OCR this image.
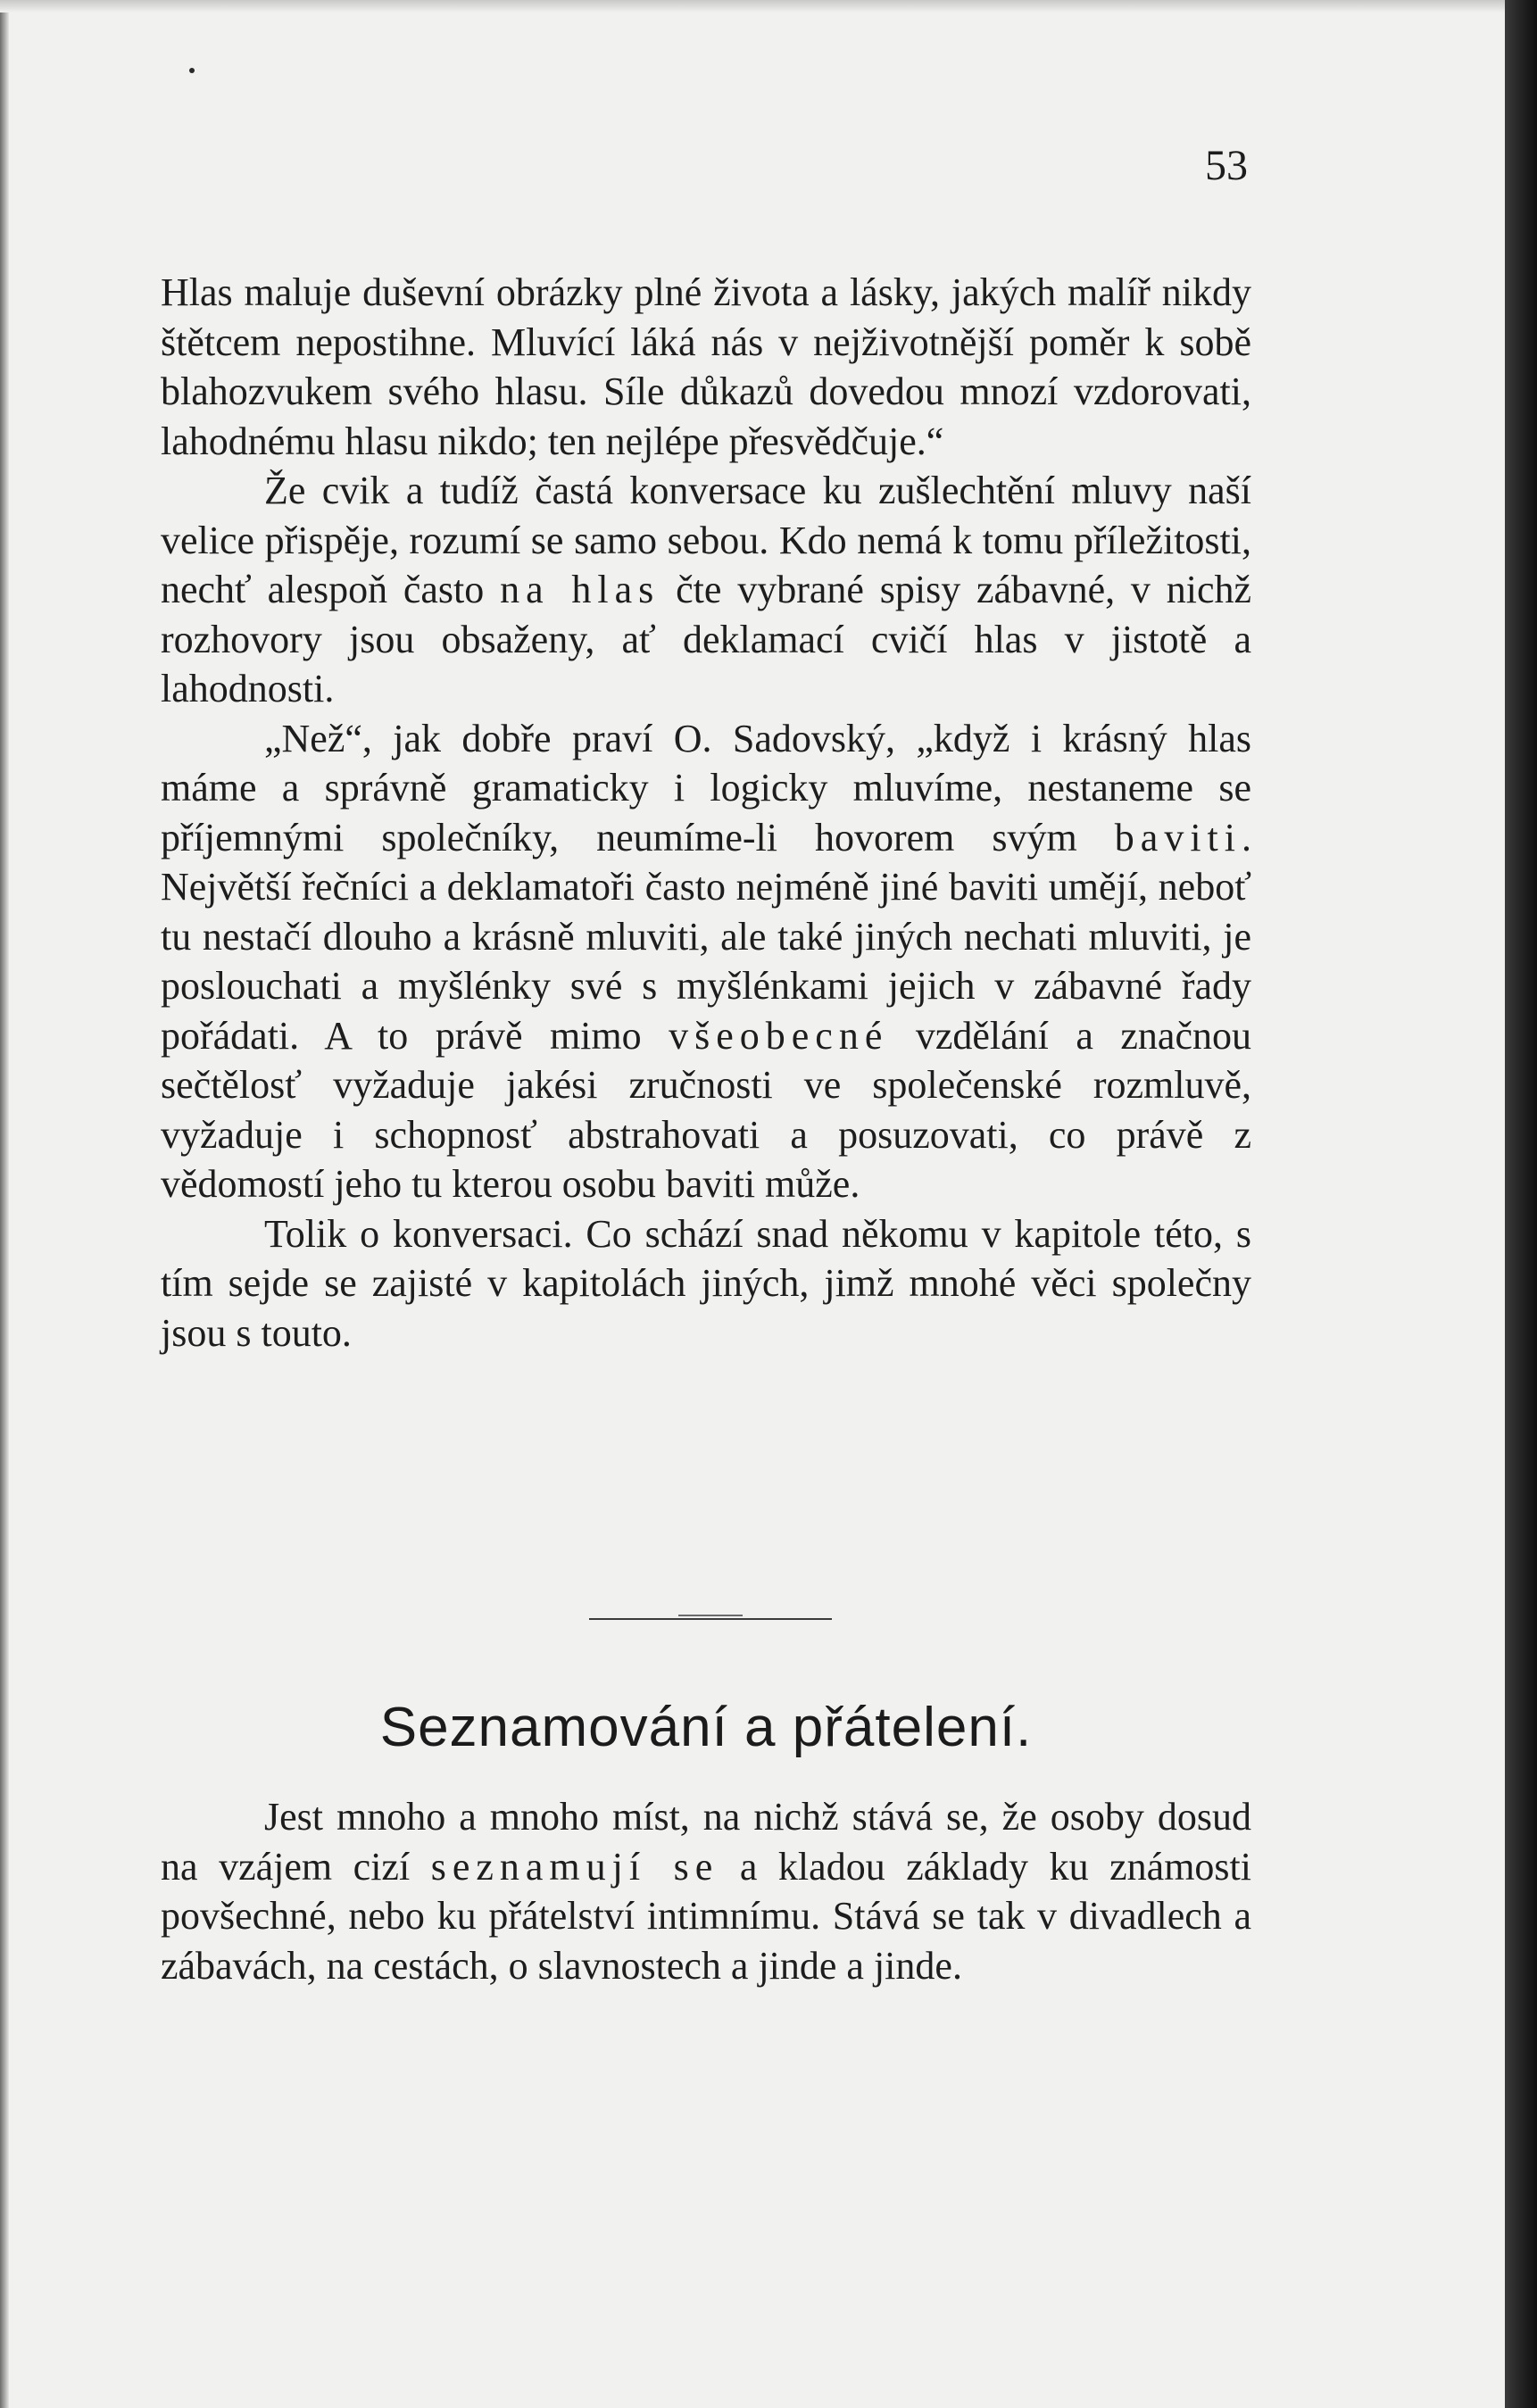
53

Hlas maluje duševní obrázky plné života a lásky, jakých malíř nikdy štětcem nepostihne. Mluvící láká nás v nejživotnější poměr k sobě blahozvukem svého hlasu. Síle důkazů dovedou mnozí vzdorovati, lahodnému hlasu nikdo; ten nejlépe přesvědčuje.“

Že cvik a tudíž častá konversace ku zušlechtění mluvy naší velice přispěje, rozumí se samo sebou. Kdo nemá k tomu příležitosti, nechť alespoň často na hlas čte vybrané spisy zábavné, v nichž rozhovory jsou obsaženy, ať deklamací cvičí hlas v jistotě a lahodnosti.

„Než“, jak dobře praví O. Sadovský, „když i krásný hlas máme a správně gramaticky i logicky mluvíme, nestaneme se příjemnými společníky, neumíme-li hovorem svým baviti. Největší řečníci a deklamatoři často nejméně jiné baviti umějí, neboť tu nestačí dlouho a krásně mluviti, ale také jiných nechati mluviti, je poslouchati a myšlénky své s myšlénkami jejich v zábavné řady pořádati. A to právě mimo všeobecné vzdělání a značnou sečtělosť vyžaduje jakési zručnosti ve společenské rozmluvě, vyžaduje i schopnosť abstrahovati a posuzovati, co právě z vědomostí jeho tu kterou osobu baviti může.

Tolik o konversaci. Co schází snad někomu v kapitole této, s tím sejde se zajisté v kapitolách jiných, jimž mnohé věci společny jsou s touto.

Seznamování a přátelení.

Jest mnoho a mnoho míst, na nichž stává se, že osoby dosud na vzájem cizí seznamují se a kladou základy ku známosti povšechné, nebo ku přátelství intimnímu. Stává se tak v divadlech a zábavách, na cestách, o slavnostech a jinde a jinde.
